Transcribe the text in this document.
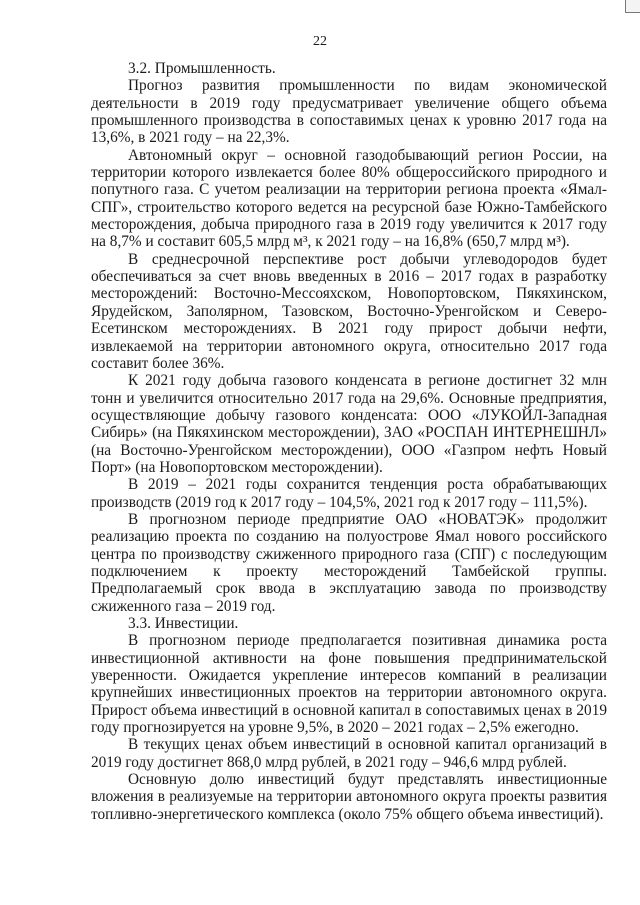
22
3.2. Промышленность.

Прогноз развития промышленности по видам экономической деятельности в 2019 году предусматривает увеличение общего объема промышленного производства в сопоставимых ценах к уровню 2017 года на 13,6%, в 2021 году – на 22,3%.

Автономный округ – основной газодобывающий регион России, на территории которого извлекается более 80% общероссийского природного и попутного газа. С учетом реализации на территории региона проекта «Ямал-СПГ», строительство которого ведется на ресурсной базе Южно-Тамбейского месторождения, добыча природного газа в 2019 году увеличится к 2017 году на 8,7% и составит 605,5 млрд м³, к 2021 году – на 16,8% (650,7 млрд м³).

В среднесрочной перспективе рост добычи углеводородов будет обеспечиваться за счет вновь введенных в 2016 – 2017 годах в разработку месторождений: Восточно-Мессояхском, Новопортовском, Пякяхинском, Ярудейском, Заполярном, Тазовском, Восточно-Уренгойском и Северо-Есетинском месторождениях. В 2021 году прирост добычи нефти, извлекаемой на территории автономного округа, относительно 2017 года составит более 36%.

К 2021 году добыча газового конденсата в регионе достигнет 32 млн тонн и увеличится относительно 2017 года на 29,6%. Основные предприятия, осуществляющие добычу газового конденсата: ООО «ЛУКОЙЛ-Западная Сибирь» (на Пякяхинском месторождении), ЗАО «РОСПАН ИНТЕРНЕШНЛ» (на Восточно-Уренгойском месторождении), ООО «Газпром нефть Новый Порт» (на Новопортовском месторождении).

В 2019 – 2021 годы сохранится тенденция роста обрабатывающих производств (2019 год к 2017 году – 104,5%, 2021 год к 2017 году – 111,5%).

В прогнозном периоде предприятие ОАО «НОВАТЭК» продолжит реализацию проекта по созданию на полуострове Ямал нового российского центра по производству сжиженного природного газа (СПГ) с последующим подключением к проекту месторождений Тамбейской группы. Предполагаемый срок ввода в эксплуатацию завода по производству сжиженного газа – 2019 год.

3.3. Инвестиции.

В прогнозном периоде предполагается позитивная динамика роста инвестиционной активности на фоне повышения предпринимательской уверенности. Ожидается укрепление интересов компаний в реализации крупнейших инвестиционных проектов на территории автономного округа. Прирост объема инвестиций в основной капитал в сопоставимых ценах в 2019 году прогнозируется на уровне 9,5%, в 2020 – 2021 годах – 2,5% ежегодно.

В текущих ценах объем инвестиций в основной капитал организаций в 2019 году достигнет 868,0 млрд рублей, в 2021 году – 946,6 млрд рублей.

Основную долю инвестиций будут представлять инвестиционные вложения в реализуемые на территории автономного округа проекты развития топливно-энергетического комплекса (около 75% общего объема инвестиций).
